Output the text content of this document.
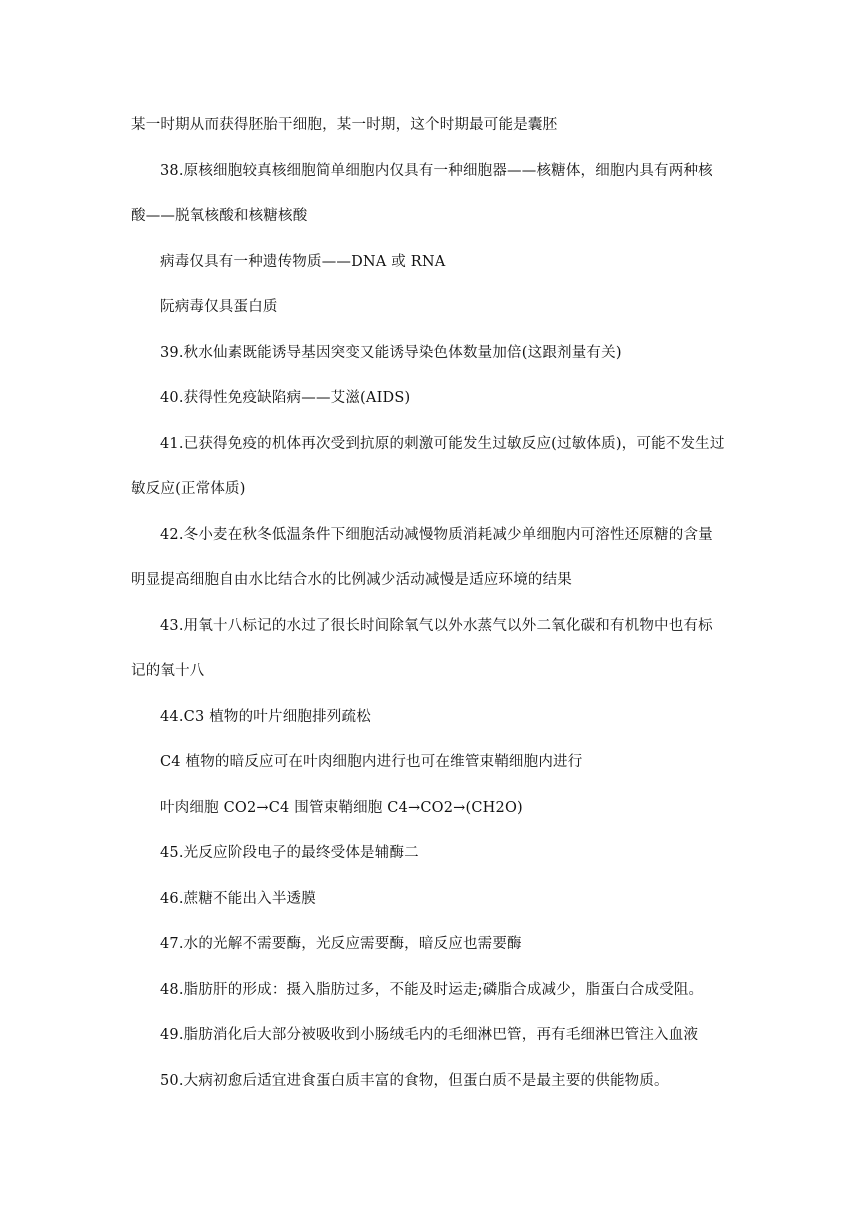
某一时期从而获得胚胎干细胞，某一时期，这个时期最可能是囊胚
38.原核细胞较真核细胞简单细胞内仅具有一种细胞器——核糖体，细胞内具有两种核
酸——脱氧核酸和核糖核酸
病毒仅具有一种遗传物质——DNA 或 RNA
阮病毒仅具蛋白质
39.秋水仙素既能诱导基因突变又能诱导染色体数量加倍(这跟剂量有关)
40.获得性免疫缺陷病——艾滋(AIDS)
41.已获得免疫的机体再次受到抗原的刺激可能发生过敏反应(过敏体质)，可能不发生过
敏反应(正常体质)
42.冬小麦在秋冬低温条件下细胞活动减慢物质消耗减少单细胞内可溶性还原糖的含量
明显提高细胞自由水比结合水的比例减少活动减慢是适应环境的结果
43.用氧十八标记的水过了很长时间除氧气以外水蒸气以外二氧化碳和有机物中也有标
记的氧十八
44.C3 植物的叶片细胞排列疏松
C4 植物的暗反应可在叶肉细胞内进行也可在维管束鞘细胞内进行
叶肉细胞 CO2→C4 围管束鞘细胞 C4→CO2→(CH2O)
45.光反应阶段电子的最终受体是辅酶二
46.蔗糖不能出入半透膜
47.水的光解不需要酶，光反应需要酶，暗反应也需要酶
48.脂肪肝的形成：摄入脂肪过多，不能及时运走;磷脂合成减少，脂蛋白合成受阻。
49.脂肪消化后大部分被吸收到小肠绒毛内的毛细淋巴管，再有毛细淋巴管注入血液
50.大病初愈后适宜进食蛋白质丰富的食物，但蛋白质不是最主要的供能物质。
